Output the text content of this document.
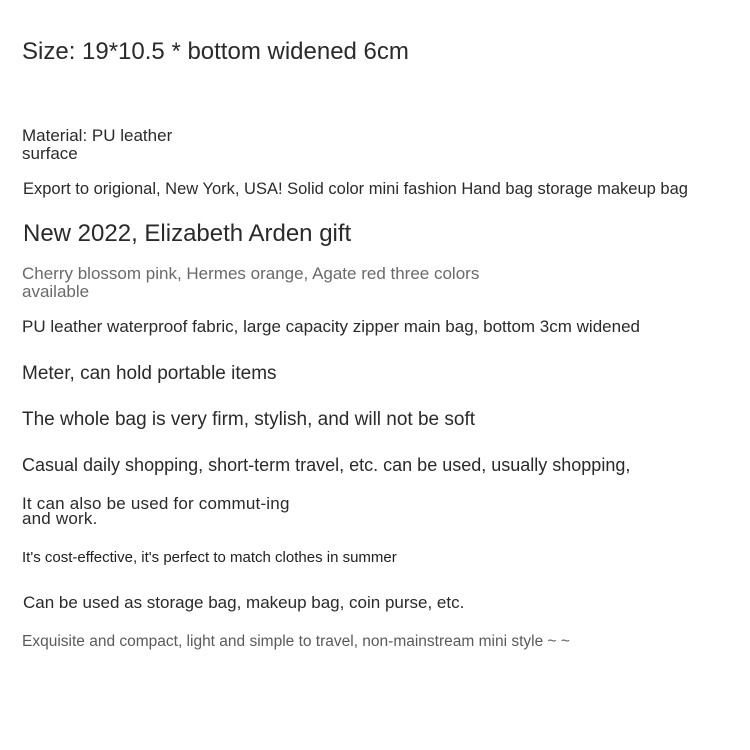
Size: 19*10.5 * bottom widened 6cm

Material: PU leather surface

Export to origional, New York, USA! Solid color mini fashion Hand bag storage makeup bag

New 2022, Elizabeth Arden gift

Cherry blossom pink, Hermes orange, Agate red three colors available

PU leather waterproof fabric, large capacity zipper main bag, bottom 3cm widened

Meter, can hold portable items

The whole bag is very firm, stylish, and will not be soft

Casual daily shopping, short-term travel, etc. can be used, usually shopping,

It can also be used for commut-ing and work.

It's cost-effective, it's perfect to match clothes in summer

Can be used as storage bag, makeup bag, coin purse, etc.

Exquisite and compact, light and simple to travel, non-mainstream mini style ~ ~
